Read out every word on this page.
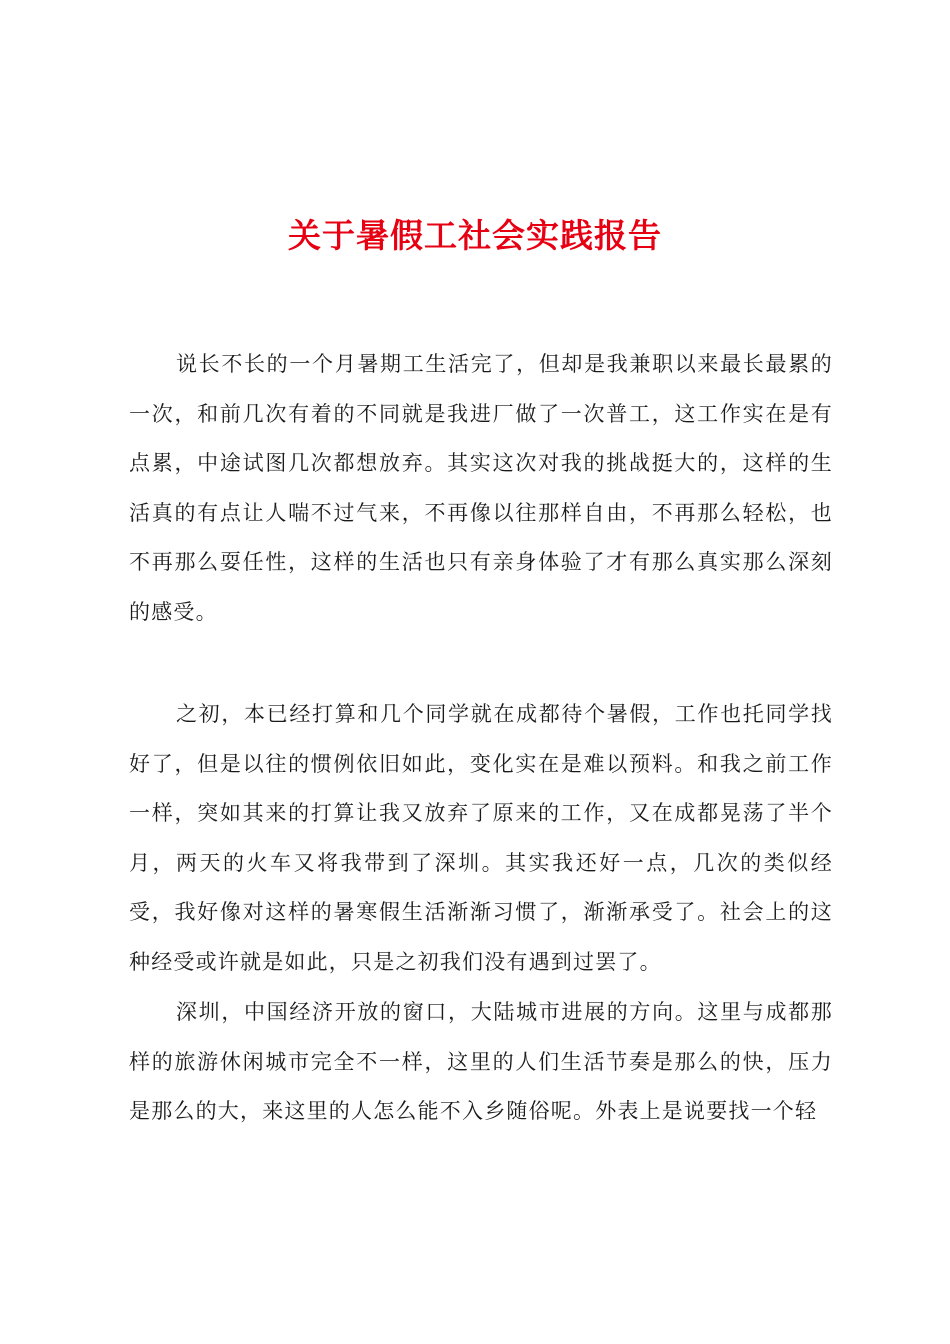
关于暑假工社会实践报告
说长不长的一个月暑期工生活完了，但却是我兼职以来最长最累的一次，和前几次有着的不同就是我进厂做了一次普工，这工作实在是有点累，中途试图几次都想放弃。其实这次对我的挑战挺大的，这样的生活真的有点让人喘不过气来，不再像以往那样自由，不再那么轻松，也不再那么耍任性，这样的生活也只有亲身体验了才有那么真实那么深刻的感受。
之初，本已经打算和几个同学就在成都待个暑假，工作也托同学找好了，但是以往的惯例依旧如此，变化实在是难以预料。和我之前工作一样，突如其来的打算让我又放弃了原来的工作，又在成都晃荡了半个月，两天的火车又将我带到了深圳。其实我还好一点，几次的类似经受，我好像对这样的暑寒假生活渐渐习惯了，渐渐承受了。社会上的这种经受或许就是如此，只是之初我们没有遇到过罢了。
深圳，中国经济开放的窗口，大陆城市进展的方向。这里与成都那样的旅游休闲城市完全不一样，这里的人们生活节奏是那么的快，压力是那么的大，来这里的人怎么能不入乡随俗呢。外表上是说要找一个轻
